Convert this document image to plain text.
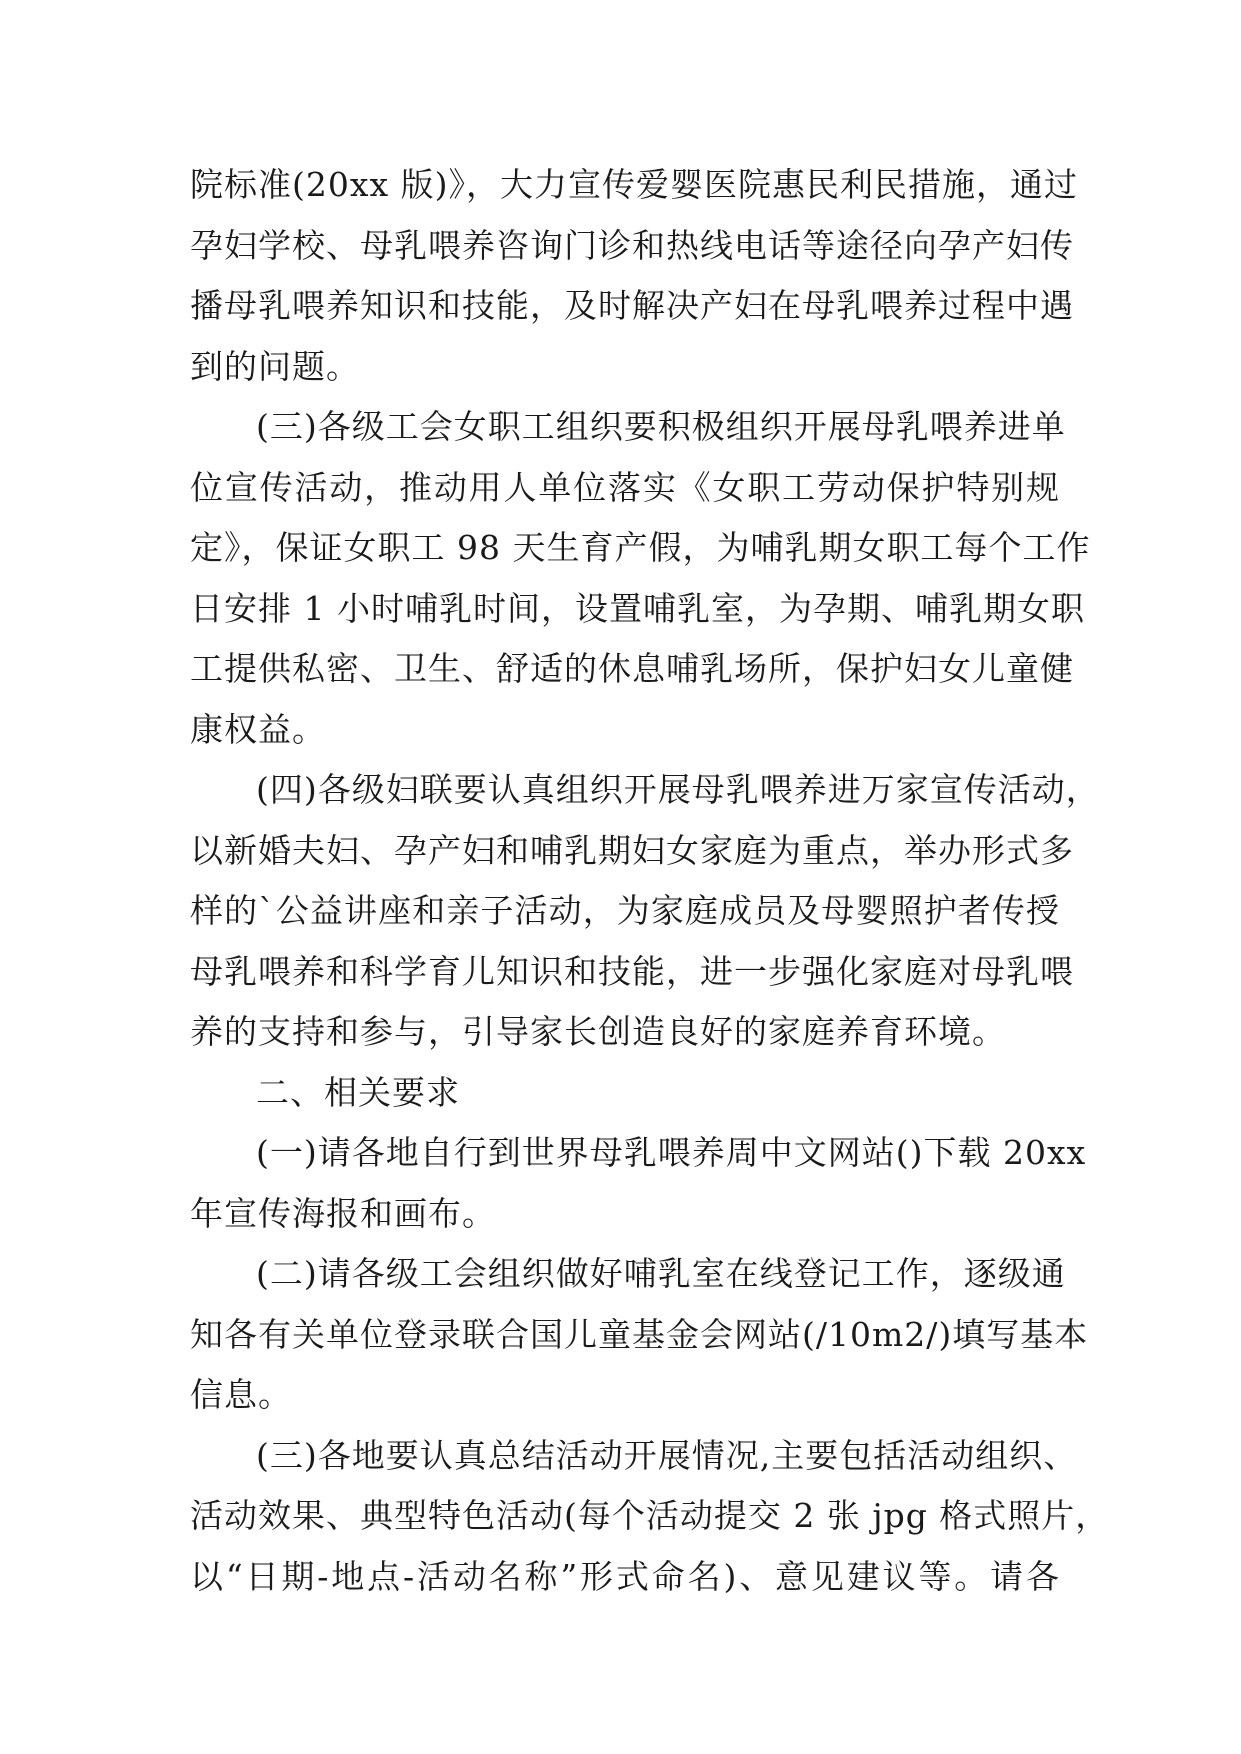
院标准(20xx 版)》，大力宣传爱婴医院惠民利民措施，通过
孕妇学校、母乳喂养咨询门诊和热线电话等途径向孕产妇传
播母乳喂养知识和技能，及时解决产妇在母乳喂养过程中遇
到的问题。
(三)各级工会女职工组织要积极组织开展母乳喂养进单
位宣传活动，推动用人单位落实《女职工劳动保护特别规
定》，保证女职工 98 天生育产假，为哺乳期女职工每个工作
日安排 1 小时哺乳时间，设置哺乳室，为孕期、哺乳期女职
工提供私密、卫生、舒适的休息哺乳场所，保护妇女儿童健
康权益。
(四)各级妇联要认真组织开展母乳喂养进万家宣传活动，
以新婚夫妇、孕产妇和哺乳期妇女家庭为重点，举办形式多
样的`公益讲座和亲子活动，为家庭成员及母婴照护者传授
母乳喂养和科学育儿知识和技能，进一步强化家庭对母乳喂
养的支持和参与，引导家长创造良好的家庭养育环境。
二、相关要求
(一)请各地自行到世界母乳喂养周中文网站()下载 20xx
年宣传海报和画布。
(二)请各级工会组织做好哺乳室在线登记工作，逐级通
知各有关单位登录联合国儿童基金会网站(/10m2/)填写基本
信息。
(三)各地要认真总结活动开展情况,主要包括活动组织、
活动效果、典型特色活动(每个活动提交 2 张 jpg 格式照片，
以“日期-地点-活动名称”形式命名)、意见建议等。请各
